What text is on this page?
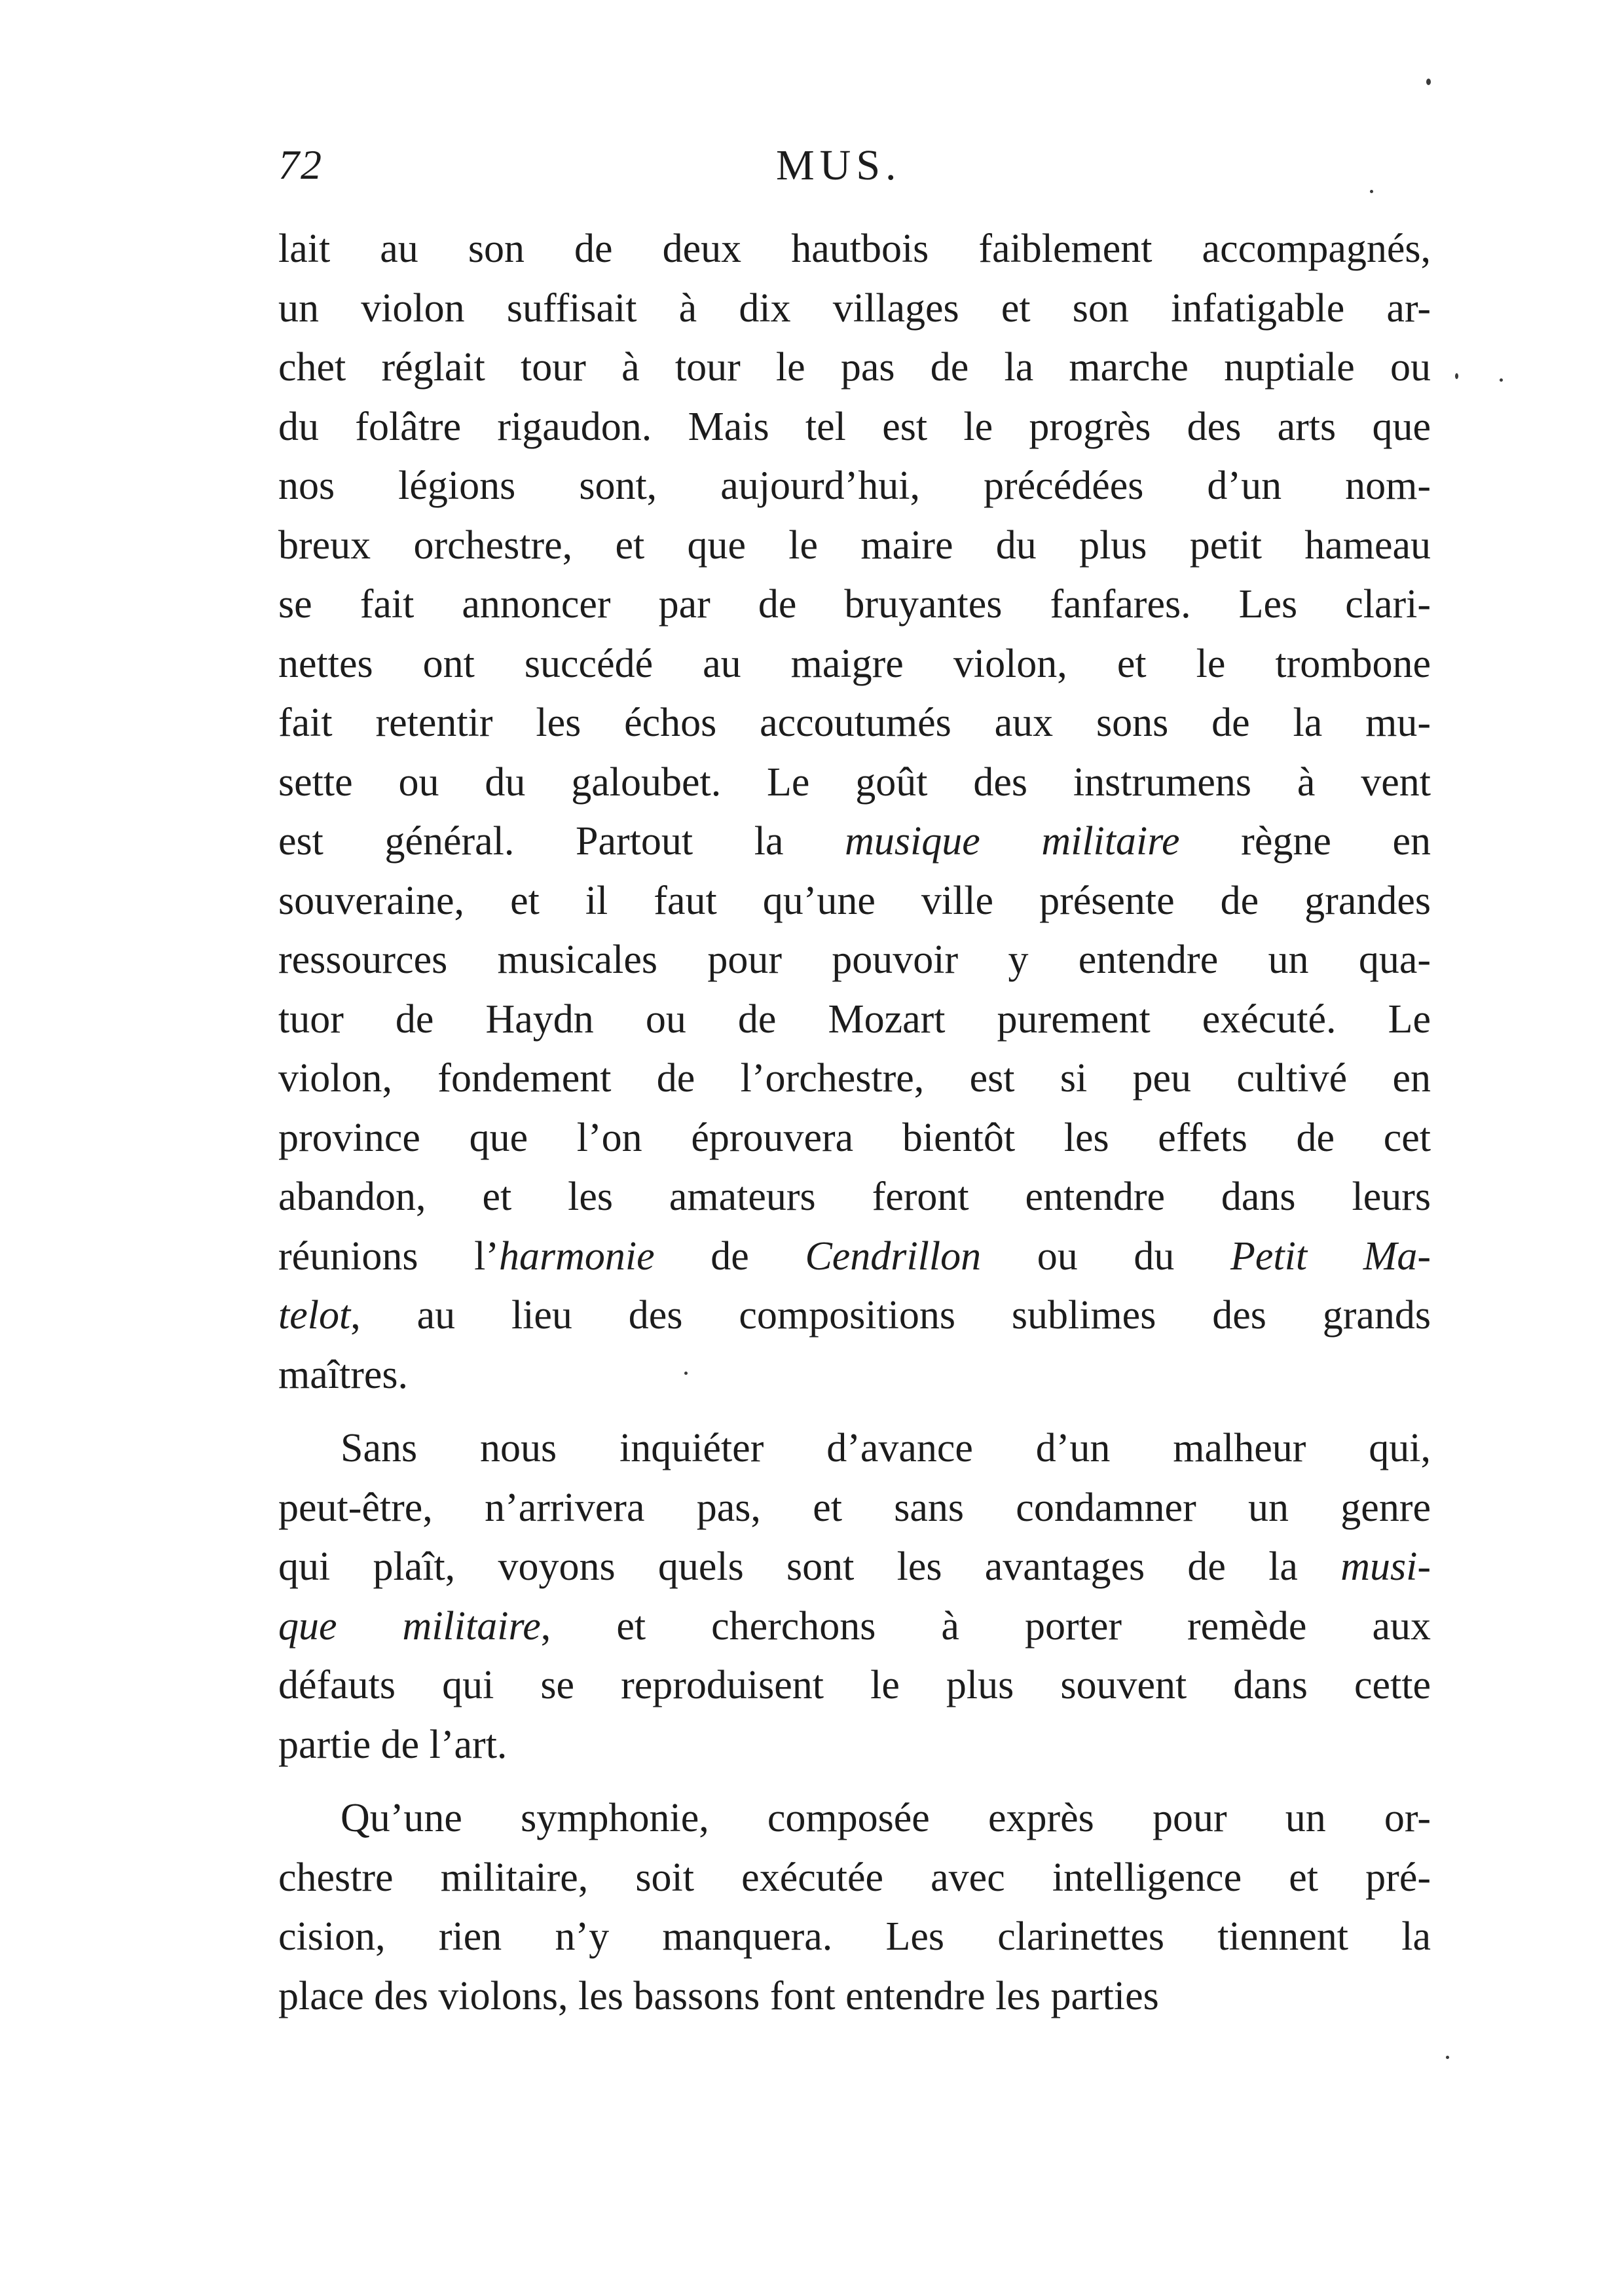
72	MUS.
lait au son de deux hautbois faiblement accompagnés,
un violon suffisait à dix villages et son infatigable ar-
chet réglait tour à tour le pas de la marche nuptiale ou
du folâtre rigaudon. Mais tel est le progrès des arts que
nos légions sont, aujourd’hui, précédées d’un nom-
breux orchestre, et que le maire du plus petit hameau
se fait annoncer par de bruyantes fanfares. Les clari-
nettes ont succédé au maigre violon, et le trombone
fait retentir les échos accoutumés aux sons de la mu-
sette ou du galoubet. Le goût des instrumens à vent
est général. Partout la musique militaire règne en
souveraine, et il faut qu’une ville présente de grandes
ressources musicales pour pouvoir y entendre un qua-
tuor de Haydn ou de Mozart purement exécuté. Le
violon, fondement de l’orchestre, est si peu cultivé en
province que l’on éprouvera bientôt les effets de cet
abandon, et les amateurs feront entendre dans leurs
réunions l’harmonie de Cendrillon ou du Petit Ma-
telot, au lieu des compositions sublimes des grands
maîtres.
Sans nous inquiéter d’avance d’un malheur qui,
peut-être, n’arrivera pas, et sans condamner un genre
qui plaît, voyons quels sont les avantages de la musi-
que militaire, et cherchons à porter remède aux
défauts qui se reproduisent le plus souvent dans cette
partie de l’art.
Qu’une symphonie, composée exprès pour un or-
chestre militaire, soit exécutée avec intelligence et pré-
cision, rien n’y manquera. Les clarinettes tiennent la
place des violons, les bassons font entendre les parties
